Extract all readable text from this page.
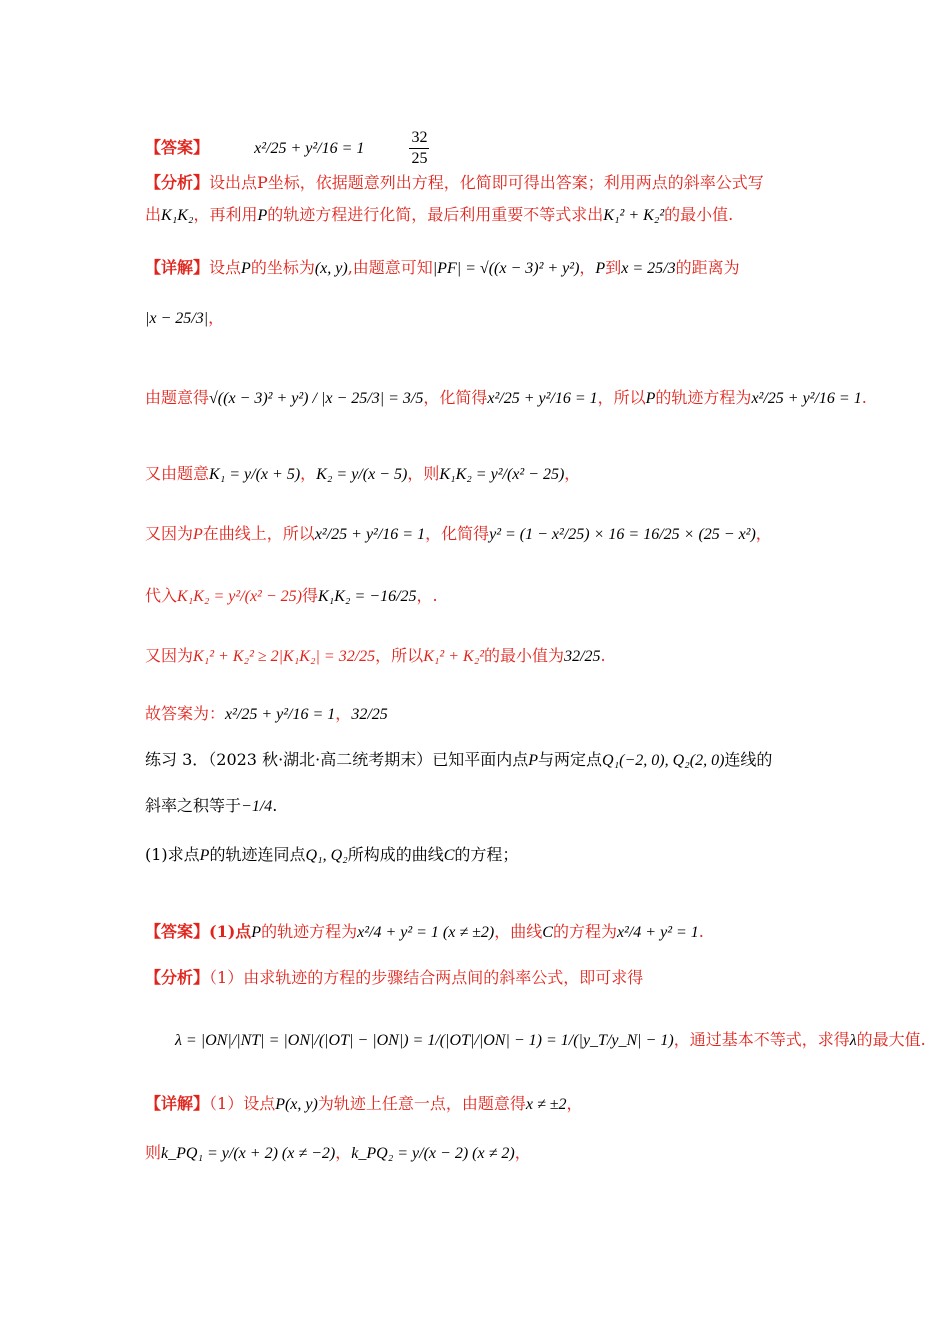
【答案】	x²/25 + y²/16 = 1	$\frac{32}{25}$
【分析】设出点P坐标，依据题意列出方程，化简即可得出答案；利用两点的斜率公式写
出K₁K₂，再利用P的轨迹方程进行化简，最后利用重要不等式求出K₁² + K₂²的最小值.
【详解】设点P的坐标为(x, y),由题意可知|PF| = √((x − 3)² + y²)，P到x = 25/3的距离为
|x − 25/3|，
由题意得√((x − 3)² + y²) / |x − 25/3| = 3/5，化简得x²/25 + y²/16 = 1，所以P的轨迹方程为x²/25 + y²/16 = 1.
又由题意K₁ = y/(x + 5)，K₂ = y/(x − 5)，则K₁K₂ = y²/(x² − 25)，
又因为P在曲线上，所以x²/25 + y²/16 = 1，化简得y² = (1 − x²/25) × 16 = 16/25 × (25 − x²)，
代入K₁K₂ = y²/(x² − 25)得K₁K₂ = −16/25，.
又因为K₁² + K₂² ≥ 2|K₁K₂| = 32/25，所以K₁² + K₂²的最小值为32/25.
故答案为：x²/25 + y²/16 = 1，32/25
练习 3．（2023 秋·湖北·高二统考期末）已知平面内点P与两定点Q₁(−2, 0), Q₂(2, 0)连线的
斜率之积等于−1/4.
(1)求点P的轨迹连同点Q₁, Q₂所构成的曲线C的方程；
【答案】(1)点P的轨迹方程为x²/4 + y² = 1 (x ≠ ±2)，曲线C的方程为x²/4 + y² = 1.
【分析】（1）由求轨迹的方程的步骤结合两点间的斜率公式，即可求得
λ = |ON|/|NT| = |ON|/(|OT| − |ON|) = 1/(|OT|/|ON| − 1) = 1/(|y_T/y_N| − 1)，通过基本不等式，求得λ的最大值.
【详解】（1）设点P(x, y)为轨迹上任意一点，由题意得x ≠ ±2，
则k_PQ₁ = y/(x + 2) (x ≠ −2)，k_PQ₂ = y/(x − 2) (x ≠ 2)，
